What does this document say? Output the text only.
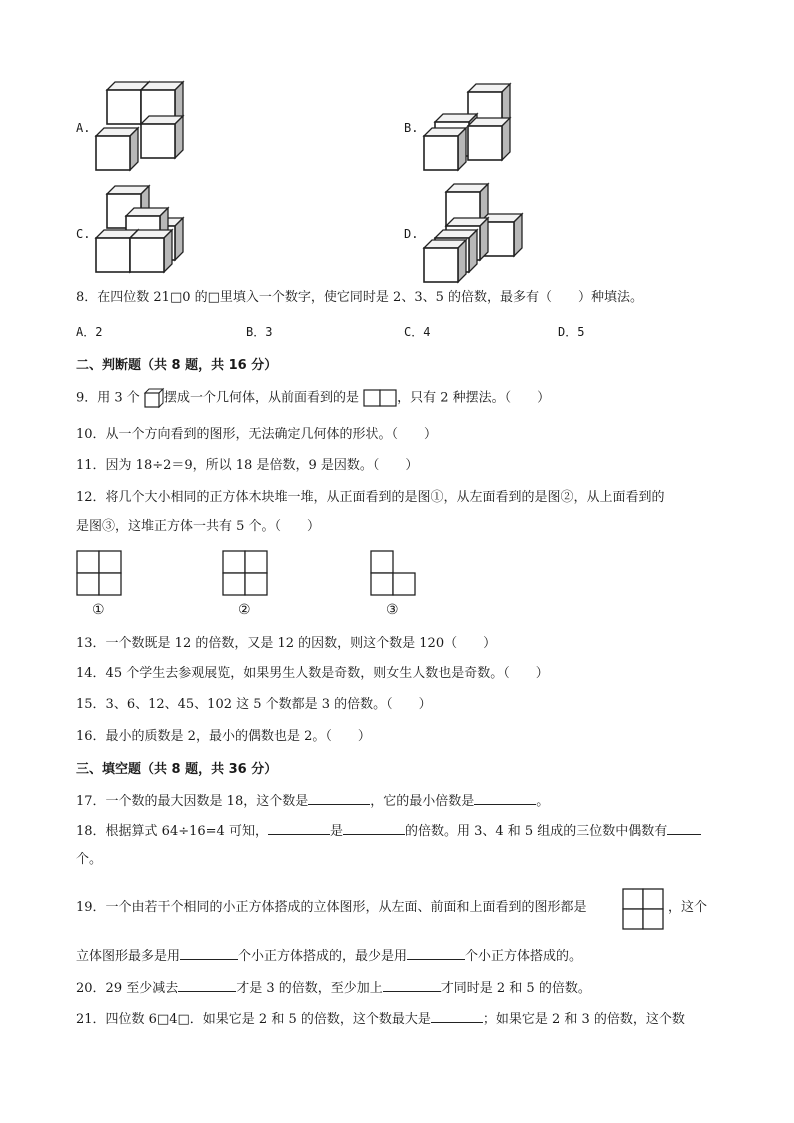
A.	B.
C.	D.
8．在四位数 21□0 的□里填入一个数字，使它同时是 2、3、5 的倍数，最多有（　　）种填法。
A．2	B．3	C．4	D．5
二、判断题（共 8 题，共 16 分）
9．用 3 个 摆成一个几何体，从前面看到的是	，只有 2 种摆法。（　　）
10．从一个方向看到的图形，无法确定几何体的形状。（　　）
11．因为 18÷2＝9，所以 18 是倍数，9 是因数。（　　）
12．将几个大小相同的正方体木块堆一堆，从正面看到的是图①，从左面看到的是图②，从上面看到的
是图③，这堆正方体一共有 5 个。（　　）
①	②	③
13．一个数既是 12 的倍数，又是 12 的因数，则这个数是 120（　　）
14．45 个学生去参观展览，如果男生人数是奇数，则女生人数也是奇数。（　　）
15．3、6、12、45、102 这 5 个数都是 3 的倍数。（　　）
16．最小的质数是 2，最小的偶数也是 2。（　　）
三、填空题（共 8 题，共 36 分）
17．一个数的最大因数是 18，这个数是	，它的最小倍数是	。
18．根据算式 64÷16=4 可知，	是	的倍数。用 3、4 和 5 组成的三位数中偶数有
个。
19．一个由若干个相同的小正方体搭成的立体图形，从左面、前面和上面看到的图形都是	，这个
立体图形最多是用	个小正方体搭成的，最少是用	个小正方体搭成的。
20．29 至少减去	才是 3 的倍数，至少加上	才同时是 2 和 5 的倍数。
21．四位数 6□4□．如果它是 2 和 5 的倍数，这个数最大是	；如果它是 2 和 3 的倍数，这个数
